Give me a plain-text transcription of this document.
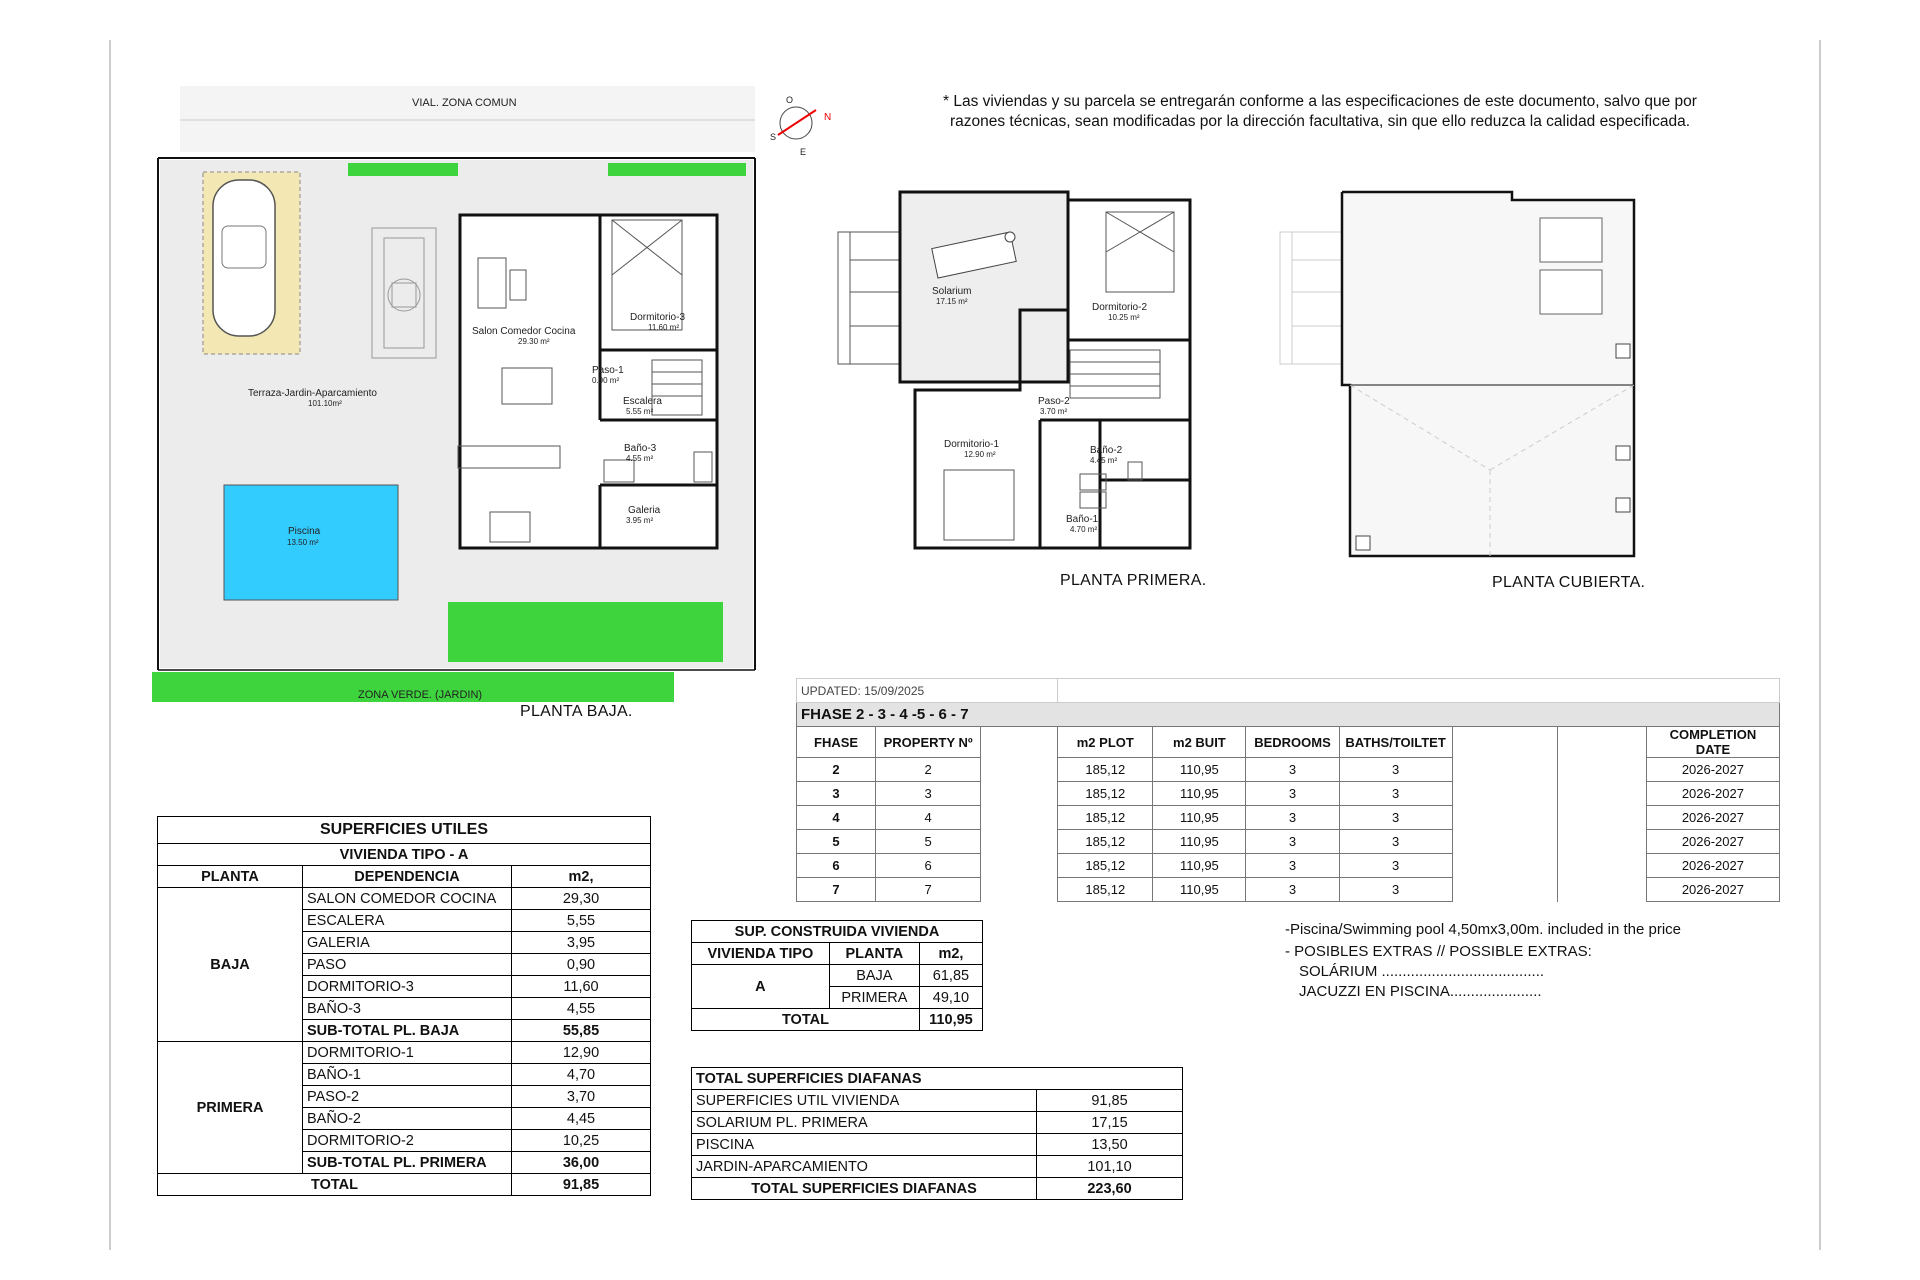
VIAL. ZONA COMUN
ZONA VERDE. (JARDIN)
Piscina
13.50 m²
Terraza-Jardin-Aparcamiento
101.10m²
Salon Comedor Cocina
29.30 m²
Dormitorio-3
11.60 m²
Paso-1
0.90 m²
Escalera
5.55 m²
Baño-3
4.55 m²
Galeria
3.95 m²
N
S
E
O
Solarium
17.15 m²
Dormitorio-2
10.25 m²
Paso-2
3.70 m²
Dormitorio-1
12.90 m²	Baño-2
4.45 m²
Baño-1
4.70 m²
* Las viviendas y su parcela se entregarán conforme a las especificaciones de este documento, salvo que por
razones técnicas, sean modificadas por la dirección facultativa, sin que ello reduzca la calidad especificada.
PLANTA BAJA.
PLANTA PRIMERA.	PLANTA CUBIERTA.
SUPERFICIES UTILES		
VIVIENDA TIPO - A		
PLANTA	DEPENDENCIA	m2,
BAJA	SALON COMEDOR COCINA	29,30
	ESCALERA	5,55
	GALERIA	3,95
	PASO	0,90
	DORMITORIO-3	11,60
	BAÑO-3	4,55
	SUB-TOTAL PL. BAJA	55,85
PRIMERA	DORMITORIO-1	12,90
	BAÑO-1	4,70
	PASO-2	3,70
	BAÑO-2	4,45
	DORMITORIO-2	10,25
	SUB-TOTAL PL. PRIMERA	36,00
TOTAL		91,85
SUP. CONSTRUIDA VIVIENDA		
VIVIENDA TIPO	PLANTA	m2,
A	BAJA	61,85
	PRIMERA	49,10
TOTAL		110,95
TOTAL SUPERFICIES DIAFANAS	
SUPERFICIES UTIL VIVIENDA	91,85
SOLARIUM PL. PRIMERA	17,15
PISCINA	13,50
JARDIN-APARCAMIENTO	101,10
TOTAL SUPERFICIES DIAFANAS	223,60
UPDATED: 15/09/2025									
FHASE 2 - 3 - 4 -5 - 6 - 7									
FHASE	PROPERTY Nº		m2 PLOT	m2 BUIT	BEDROOMS	BATHS/TOILTET			COMPLETION DATE
2	2		185,12	110,95	3	3			2026-2027
3	3		185,12	110,95	3	3			2026-2027
4	4		185,12	110,95	3	3			2026-2027
5	5		185,12	110,95	3	3			2026-2027
6	6		185,12	110,95	3	3			2026-2027
7	7		185,12	110,95	3	3			2026-2027
-Piscina/Swimming pool 4,50mx3,00m. included in the price
- POSIBLES EXTRAS // POSSIBLE EXTRAS:
SOLÁRIUM .......................................
JACUZZI EN PISCINA......................
